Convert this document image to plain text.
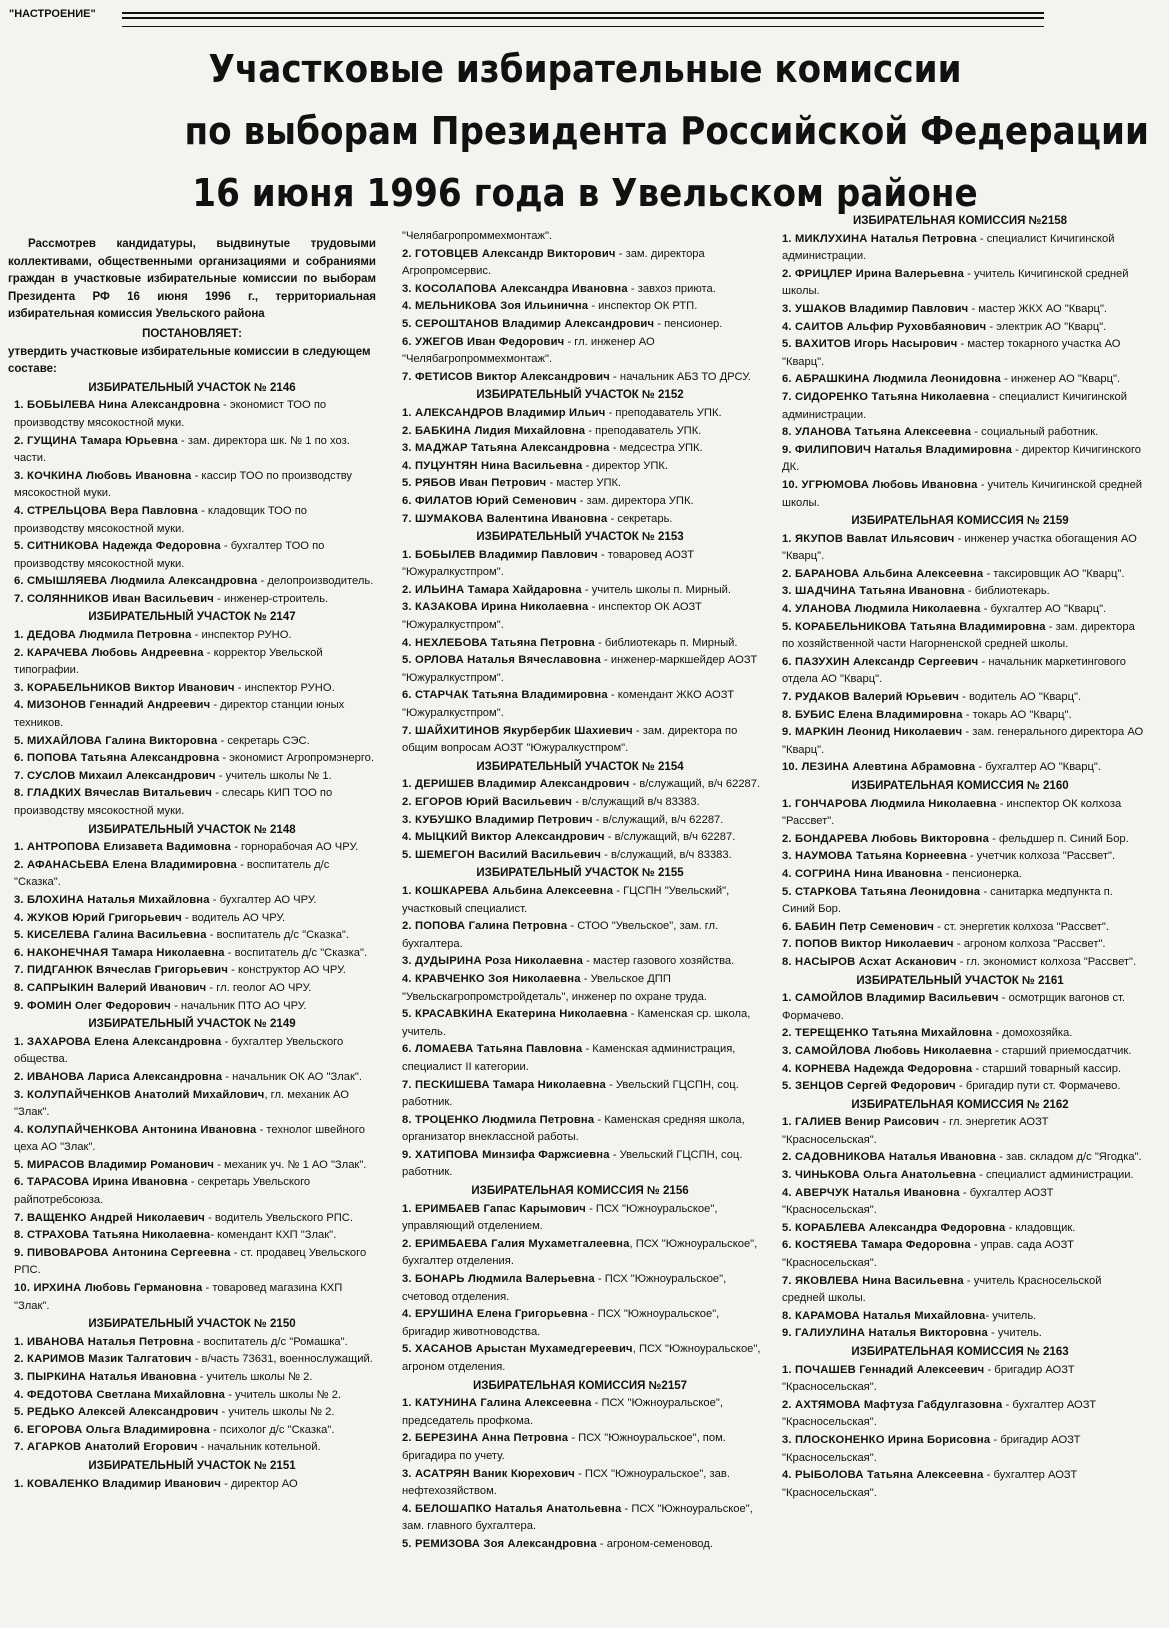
"НАСТРОЕНИЕ"
Участковые избирательные комиссии
по выборам Президента Российской Федерации
16 июня 1996 года в Увельском районе
Рассмотрев кандидатуры, выдвинутые трудовыми коллективами, общественными организациями и собраниями граждан в участковые избирательные комиссии по выборам Президента РФ 16 июня 1996 г., территориальная избирательная комиссия Увельского района
ПОСТАНОВЛЯЕТ:
утвердить участковые избирательные комиссии в следующем составе:
ИЗБИРАТЕЛЬНЫЙ УЧАСТОК № 2146
1. БОБЫЛЕВА Нина Александровна - экономист ТОО по производству мясокостной муки.
2. ГУЩИНА Тамара Юрьевна - зам. директора шк. № 1 по хоз. части.
3. КОЧКИНА Любовь Ивановна - кассир ТОО по производству мясокостной муки.
4. СТРЕЛЬЦОВА Вера Павловна - кладовщик ТОО по производству мясокостной муки.
5. СИТНИКОВА Надежда Федоровна - бухгалтер ТОО по производству мясокостной муки.
6. СМЫШЛЯЕВА Людмила Александровна - делопроизводитель.
7. СОЛЯННИКОВ Иван Васильевич - инженер-строитель.
ИЗБИРАТЕЛЬНЫЙ УЧАСТОК № 2147
1. ДЕДОВА Людмила Петровна - инспектор РУНО.
2. КАРАЧЕВА Любовь Андреевна - корректор Увельской типографии.
3. КОРАБЕЛЬНИКОВ Виктор Иванович - инспектор РУНО.
4. МИЗОНОВ Геннадий Андреевич - директор станции юных техников.
5. МИХАЙЛОВА Галина Викторовна - секретарь СЭС.
6. ПОПОВА Татьяна Александровна - экономист Агропромэнерго.
7. СУСЛОВ Михаил Александрович - учитель школы № 1.
8. ГЛАДКИХ Вячеслав Витальевич - слесарь КИП ТОО по производству мясокостной муки.
ИЗБИРАТЕЛЬНЫЙ УЧАСТОК № 2148
1. АНТРОПОВА Елизавета Вадимовна - горнорабочая АО ЧРУ.
2. АФАНАСЬЕВА Елена Владимировна - воспитатель д/с "Сказка".
3. БЛОХИНА Наталья Михайловна - бухгалтер АО ЧРУ.
4. ЖУКОВ Юрий Григорьевич - водитель АО ЧРУ.
5. КИСЕЛЕВА Галина Васильевна - воспитатель д/с "Сказка".
6. НАКОНЕЧНАЯ Тамара Николаевна - воспитатель д/с "Сказка".
7. ПИДГАНЮК Вячеслав Григорьевич - конструктор АО ЧРУ.
8. САПРЫКИН Валерий Иванович - гл. геолог АО ЧРУ.
9. ФОМИН Олег Федорович - начальник ПТО АО ЧРУ.
ИЗБИРАТЕЛЬНЫЙ УЧАСТОК № 2149
1. ЗАХАРОВА Елена Александровна - бухгалтер Увельского общества.
2. ИВАНОВА Лариса Александровна - начальник ОК АО "Злак".
3. КОЛУПАЙЧЕНКОВ Анатолий Михайлович, гл. механик АО "Злак".
4. КОЛУПАЙЧЕНКОВА Антонина Ивановна - технолог швейного цеха АО "Злак".
5. МИРАСОВ Владимир Романович - механик уч. № 1 АО "Злак".
6. ТАРАСОВА Ирина Ивановна - секретарь Увельского райпотребсоюза.
7. ВАЩЕНКО Андрей Николаевич - водитель Увельского РПС.
8. СТРАХОВА Татьяна Николаевна- комендант КХП "Злак".
9. ПИВОВАРОВА Антонина Сергеевна - ст. продавец Увельского РПС.
10. ИРХИНА Любовь Германовна - товаровед магазина КХП "Злак".
ИЗБИРАТЕЛЬНЫЙ УЧАСТОК № 2150
1. ИВАНОВА Наталья Петровна - воспитатель д/с "Ромашка".
2. КАРИМОВ Мазик Талгатович - в/часть 73631, военнослужащий.
3. ПЫРКИНА Наталья Ивановна - учитель школы № 2.
4. ФЕДОТОВА Светлана Михайловна - учитель школы № 2.
5. РЕДЬКО Алексей Александрович - учитель школы № 2.
6. ЕГОРОВА Ольга Владимировна - психолог д/с "Сказка".
7. АГАРКОВ Анатолий Егорович - начальник котельной.
ИЗБИРАТЕЛЬНЫЙ УЧАСТОК № 2151
1. КОВАЛЕНКО Владимир Иванович - директор АО
"Челябагропроммехмонтаж".
2. ГОТОВЦЕВ Александр Викторович - зам. директора Агропромсервис.
3. КОСОЛАПОВА Александра Ивановна - завхоз приюта.
4. МЕЛЬНИКОВА Зоя Ильинична - инспектор ОК РТП.
5. СЕРОШТАНОВ Владимир Александрович - пенсионер.
6. УЖЕГОВ Иван Федорович - гл. инженер АО "Челябагропроммехмонтаж".
7. ФЕТИСОВ Виктор Александрович - начальник АБЗ ТО ДРСУ.
ИЗБИРАТЕЛЬНЫЙ УЧАСТОК № 2152
1. АЛЕКСАНДРОВ Владимир Ильич - преподаватель УПК.
2. БАБКИНА Лидия Михайловна - преподаватель УПК.
3. МАДЖАР Татьяна Александровна - медсестра УПК.
4. ПУЦУНТЯН Нина Васильевна - директор УПК.
5. РЯБОВ Иван Петрович - мастер УПК.
6. ФИЛАТОВ Юрий Семенович - зам. директора УПК.
7. ШУМАКОВА Валентина Ивановна - секретарь.
ИЗБИРАТЕЛЬНЫЙ УЧАСТОК № 2153
1. БОБЫЛЕВ Владимир Павлович - товаровед АОЗТ "Южуралкустпром".
2. ИЛЬИНА Тамара Хайдаровна - учитель школы п. Мирный.
3. КАЗАКОВА Ирина Николаевна - инспектор ОК АОЗТ "Южуралкустпром".
4. НЕХЛЕБОВА Татьяна Петровна - библиотекарь п. Мирный.
5. ОРЛОВА Наталья Вячеславовна - инженер-маркшейдер АОЗТ "Южуралкустпром".
6. СТАРЧАК Татьяна Владимировна - комендант ЖКО АОЗТ "Южуралкустпром".
7. ШАЙХИТИНОВ Якурбербик Шахиевич - зам. директора по общим вопросам АОЗТ "Южуралкустпром".
ИЗБИРАТЕЛЬНЫЙ УЧАСТОК № 2154
1. ДЕРИШЕВ Владимир Александрович - в/служащий, в/ч 62287.
2. ЕГОРОВ Юрий Васильевич - в/служащий в/ч 83383.
3. КУБУШКО Владимир Петрович - в/служащий, в/ч 62287.
4. МЫЦКИЙ Виктор Александрович - в/служащий, в/ч 62287.
5. ШЕМЕГОН Василий Васильевич - в/служащий, в/ч 83383.
ИЗБИРАТЕЛЬНЫЙ УЧАСТОК № 2155
1. КОШКАРЕВА Альбина Алексеевна - ГЦСПН "Увельский", участковый специалист.
2. ПОПОВА Галина Петровна - СТОО "Увельское", зам. гл. бухгалтера.
3. ДУДЫРИНА Роза Николаевна - мастер газового хозяйства.
4. КРАВЧЕНКО Зоя Николаевна - Увельское ДПП "Увельскагропромстройдеталь", инженер по охране труда.
5. КРАСАВКИНА Екатерина Николаевна - Каменская ср. школа, учитель.
6. ЛОМАЕВА Татьяна Павловна - Каменская администрация, специалист II категории.
7. ПЕСКИШЕВА Тамара Николаевна - Увельский ГЦСПН, соц. работник.
8. ТРОЦЕНКО Людмила Петровна - Каменская средняя школа, организатор внеклассной работы.
9. ХАТИПОВА Минзифа Фаржсиевна - Увельский ГЦСПН, соц. работник.
ИЗБИРАТЕЛЬНАЯ КОМИССИЯ № 2156
1. ЕРИМБАЕВ Гапас Карымович - ПСХ "Южноуральское", управляющий отделением.
2. ЕРИМБАЕВА Галия Мухаметгалеевна, ПСХ "Южноуральское", бухгалтер отделения.
3. БОНАРЬ Людмила Валерьевна - ПСХ "Южноуральское", счетовод отделения.
4. ЕРУШИНА Елена Григорьевна - ПСХ "Южноуральское", бригадир животноводства.
5. ХАСАНОВ Арыстан Мухамедгереевич, ПСХ "Южноуральское", агроном отделения.
ИЗБИРАТЕЛЬНАЯ КОМИССИЯ №2157
1. КАТУНИНА Галина Алексеевна - ПСХ "Южноуральское", председатель профкома.
2. БЕРЕЗИНА Анна Петровна - ПСХ "Южноуральское", пом. бригадира по учету.
3. АСАТРЯН Ваник Кюрехович - ПСХ "Южноуральское", зав. нефтехозяйством.
4. БЕЛОШАПКО Наталья Анатольевна - ПСХ "Южноуральское", зам. главного бухгалтера.
5. РЕМИЗОВА Зоя Александровна - агроном-семеновод.
ИЗБИРАТЕЛЬНАЯ КОМИССИЯ №2158
1. МИКЛУХИНА Наталья Петровна - специалист Кичигинской администрации.
2. ФРИЦЛЕР Ирина Валерьевна - учитель Кичигинской средней школы.
3. УШАКОВ Владимир Павлович - мастер ЖКХ АО "Кварц".
4. САИТОВ Альфир Руховбаянович - электрик АО "Кварц".
5. ВАХИТОВ Игорь Насырович - мастер токарного участка АО "Кварц".
6. АБРАШКИНА Людмила Леонидовна - инженер АО "Кварц".
7. СИДОРЕНКО Татьяна Николаевна - специалист Кичигинской администрации.
8. УЛАНОВА Татьяна Алексеевна - социальный работник.
9. ФИЛИПОВИЧ Наталья Владимировна - директор Кичигинского ДК.
10. УГРЮМОВА Любовь Ивановна - учитель Кичигинской средней школы.
ИЗБИРАТЕЛЬНАЯ КОМИССИЯ № 2159
1. ЯКУПОВ Вавлат Ильясович - инженер участка обогащения АО "Кварц".
2. БАРАНОВА Альбина Алексеевна - таксировщик АО "Кварц".
3. ШАДЧИНА Татьяна Ивановна - библиотекарь.
4. УЛАНОВА Людмила Николаевна - бухгалтер АО "Кварц".
5. КОРАБЕЛЬНИКОВА Татьяна Владимировна - зам. директора по хозяйственной части Нагорненской средней школы.
6. ПАЗУХИН Александр Сергеевич - начальник маркетингового отдела АО "Кварц".
7. РУДАКОВ Валерий Юрьевич - водитель АО "Кварц".
8. БУБИС Елена Владимировна - токарь АО "Кварц".
9. МАРКИН Леонид Николаевич - зам. генерального директора АО "Кварц".
10. ЛЕЗИНА Алевтина Абрамовна - бухгалтер АО "Кварц".
ИЗБИРАТЕЛЬНАЯ КОМИССИЯ № 2160
1. ГОНЧАРОВА Людмила Николаевна - инспектор ОК колхоза "Рассвет".
2. БОНДАРЕВА Любовь Викторовна - фельдшер п. Синий Бор.
3. НАУМОВА Татьяна Корнеевна - учетчик колхоза "Рассвет".
4. СОГРИНА Нина Ивановна - пенсионерка.
5. СТАРКОВА Татьяна Леонидовна - санитарка медпункта п. Синий Бор.
6. БАБИН Петр Семенович - ст. энергетик колхоза "Рассвет".
7. ПОПОВ Виктор Николаевич - агроном колхоза "Рассвет".
8. НАСЫРОВ Асхат Асканович - гл. экономист колхоза "Рассвет".
ИЗБИРАТЕЛЬНЫЙ УЧАСТОК № 2161
1. САМОЙЛОВ Владимир Васильевич - осмотрщик вагонов ст. Формачево.
2. ТЕРЕЩЕНКО Татьяна Михайловна - домохозяйка.
3. САМОЙЛОВА Любовь Николаевна - старший приемосдатчик.
4. КОРНЕВА Надежда Федоровна - старший товарный кассир.
5. ЗЕНЦОВ Сергей Федорович - бригадир пути ст. Формачево.
ИЗБИРАТЕЛЬНАЯ КОМИССИЯ № 2162
1. ГАЛИЕВ Венир Раисович - гл. энергетик АОЗТ "Красносельская".
2. САДОВНИКОВА Наталья Ивановна - зав. складом д/с "Ягодка".
3. ЧИНЬКОВА Ольга Анатольевна - специалист администрации.
4. АВЕРЧУК Наталья Ивановна - бухгалтер АОЗТ "Красносельская".
5. КОРАБЛЕВА Александра Федоровна - кладовщик.
6. КОСТЯЕВА Тамара Федоровна - управ. сада АОЗТ "Красносельская".
7. ЯКОВЛЕВА Нина Васильевна - учитель Красносельской средней школы.
8. КАРАМОВА Наталья Михайловна- учитель.
9. ГАЛИУЛИНА Наталья Викторовна - учитель.
ИЗБИРАТЕЛЬНАЯ КОМИССИЯ № 2163
1. ПОЧАШЕВ Геннадий Алексеевич - бригадир АОЗТ "Красносельская".
2. АХТЯМОВА Мафтуза Габдулгазовна - бухгалтер АОЗТ "Красносельская".
3. ПЛОСКОНЕНКО Ирина Борисовна - бригадир АОЗТ "Красносельская".
4. РЫБОЛОВА Татьяна Алексеевна - бухгалтер АОЗТ "Красносельская".
